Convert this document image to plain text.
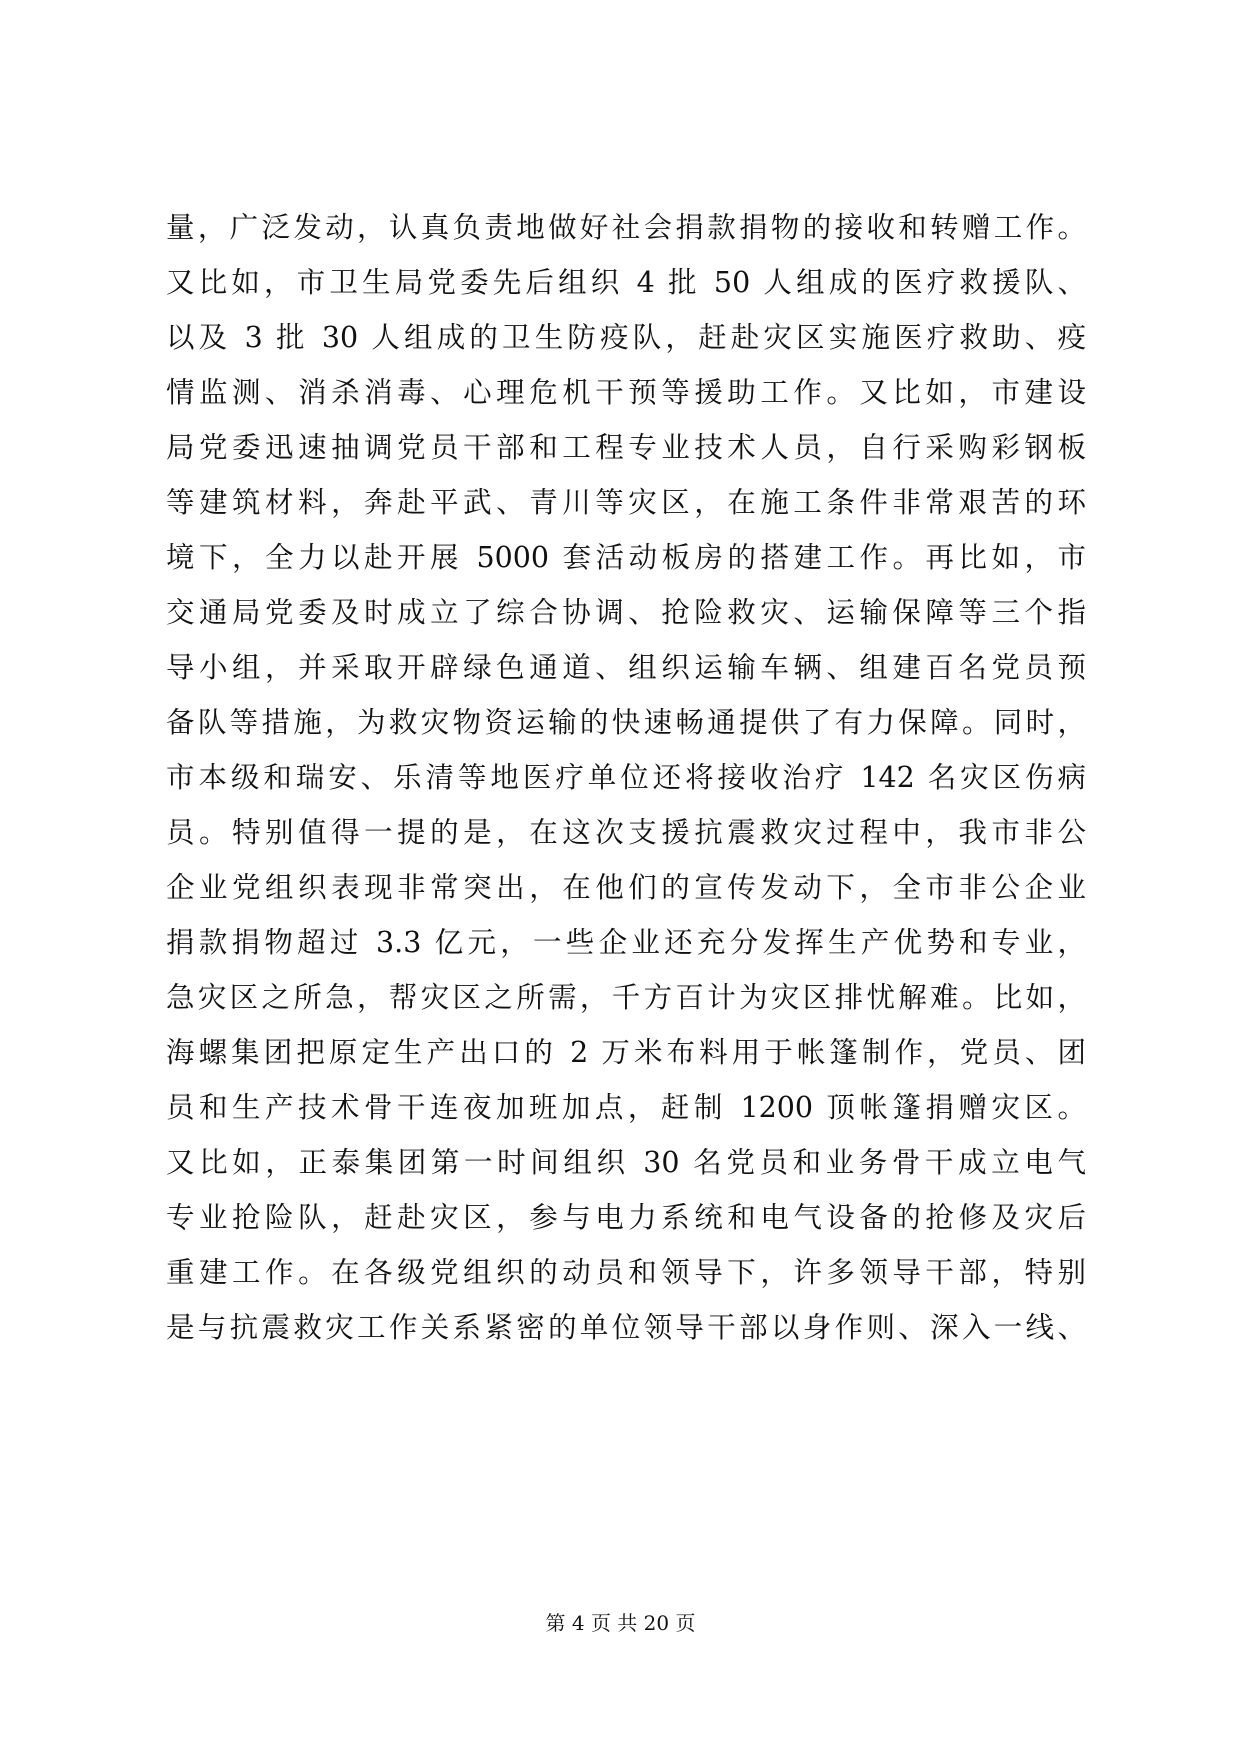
量，广泛发动，认真负责地做好社会捐款捐物的接收和转赠工作。
又比如，市卫生局党委先后组织 4 批 50 人组成的医疗救援队、
以及 3 批 30 人组成的卫生防疫队，赶赴灾区实施医疗救助、疫
情监测、消杀消毒、心理危机干预等援助工作。又比如，市建设
局党委迅速抽调党员干部和工程专业技术人员，自行采购彩钢板
等建筑材料，奔赴平武、青川等灾区，在施工条件非常艰苦的环
境下，全力以赴开展 5000 套活动板房的搭建工作。再比如，市
交通局党委及时成立了综合协调、抢险救灾、运输保障等三个指
导小组，并采取开辟绿色通道、组织运输车辆、组建百名党员预
备队等措施，为救灾物资运输的快速畅通提供了有力保障。同时，
市本级和瑞安、乐清等地医疗单位还将接收治疗 142 名灾区伤病
员。特别值得一提的是，在这次支援抗震救灾过程中，我市非公
企业党组织表现非常突出，在他们的宣传发动下，全市非公企业
捐款捐物超过 3.3 亿元，一些企业还充分发挥生产优势和专业，
急灾区之所急，帮灾区之所需，千方百计为灾区排忧解难。比如，
海螺集团把原定生产出口的 2 万米布料用于帐篷制作，党员、团
员和生产技术骨干连夜加班加点，赶制 1200 顶帐篷捐赠灾区。
又比如，正泰集团第一时间组织 30 名党员和业务骨干成立电气
专业抢险队，赶赴灾区，参与电力系统和电气设备的抢修及灾后
重建工作。在各级党组织的动员和领导下，许多领导干部，特别
是与抗震救灾工作关系紧密的单位领导干部以身作则、深入一线、
第 4 页 共 20 页
